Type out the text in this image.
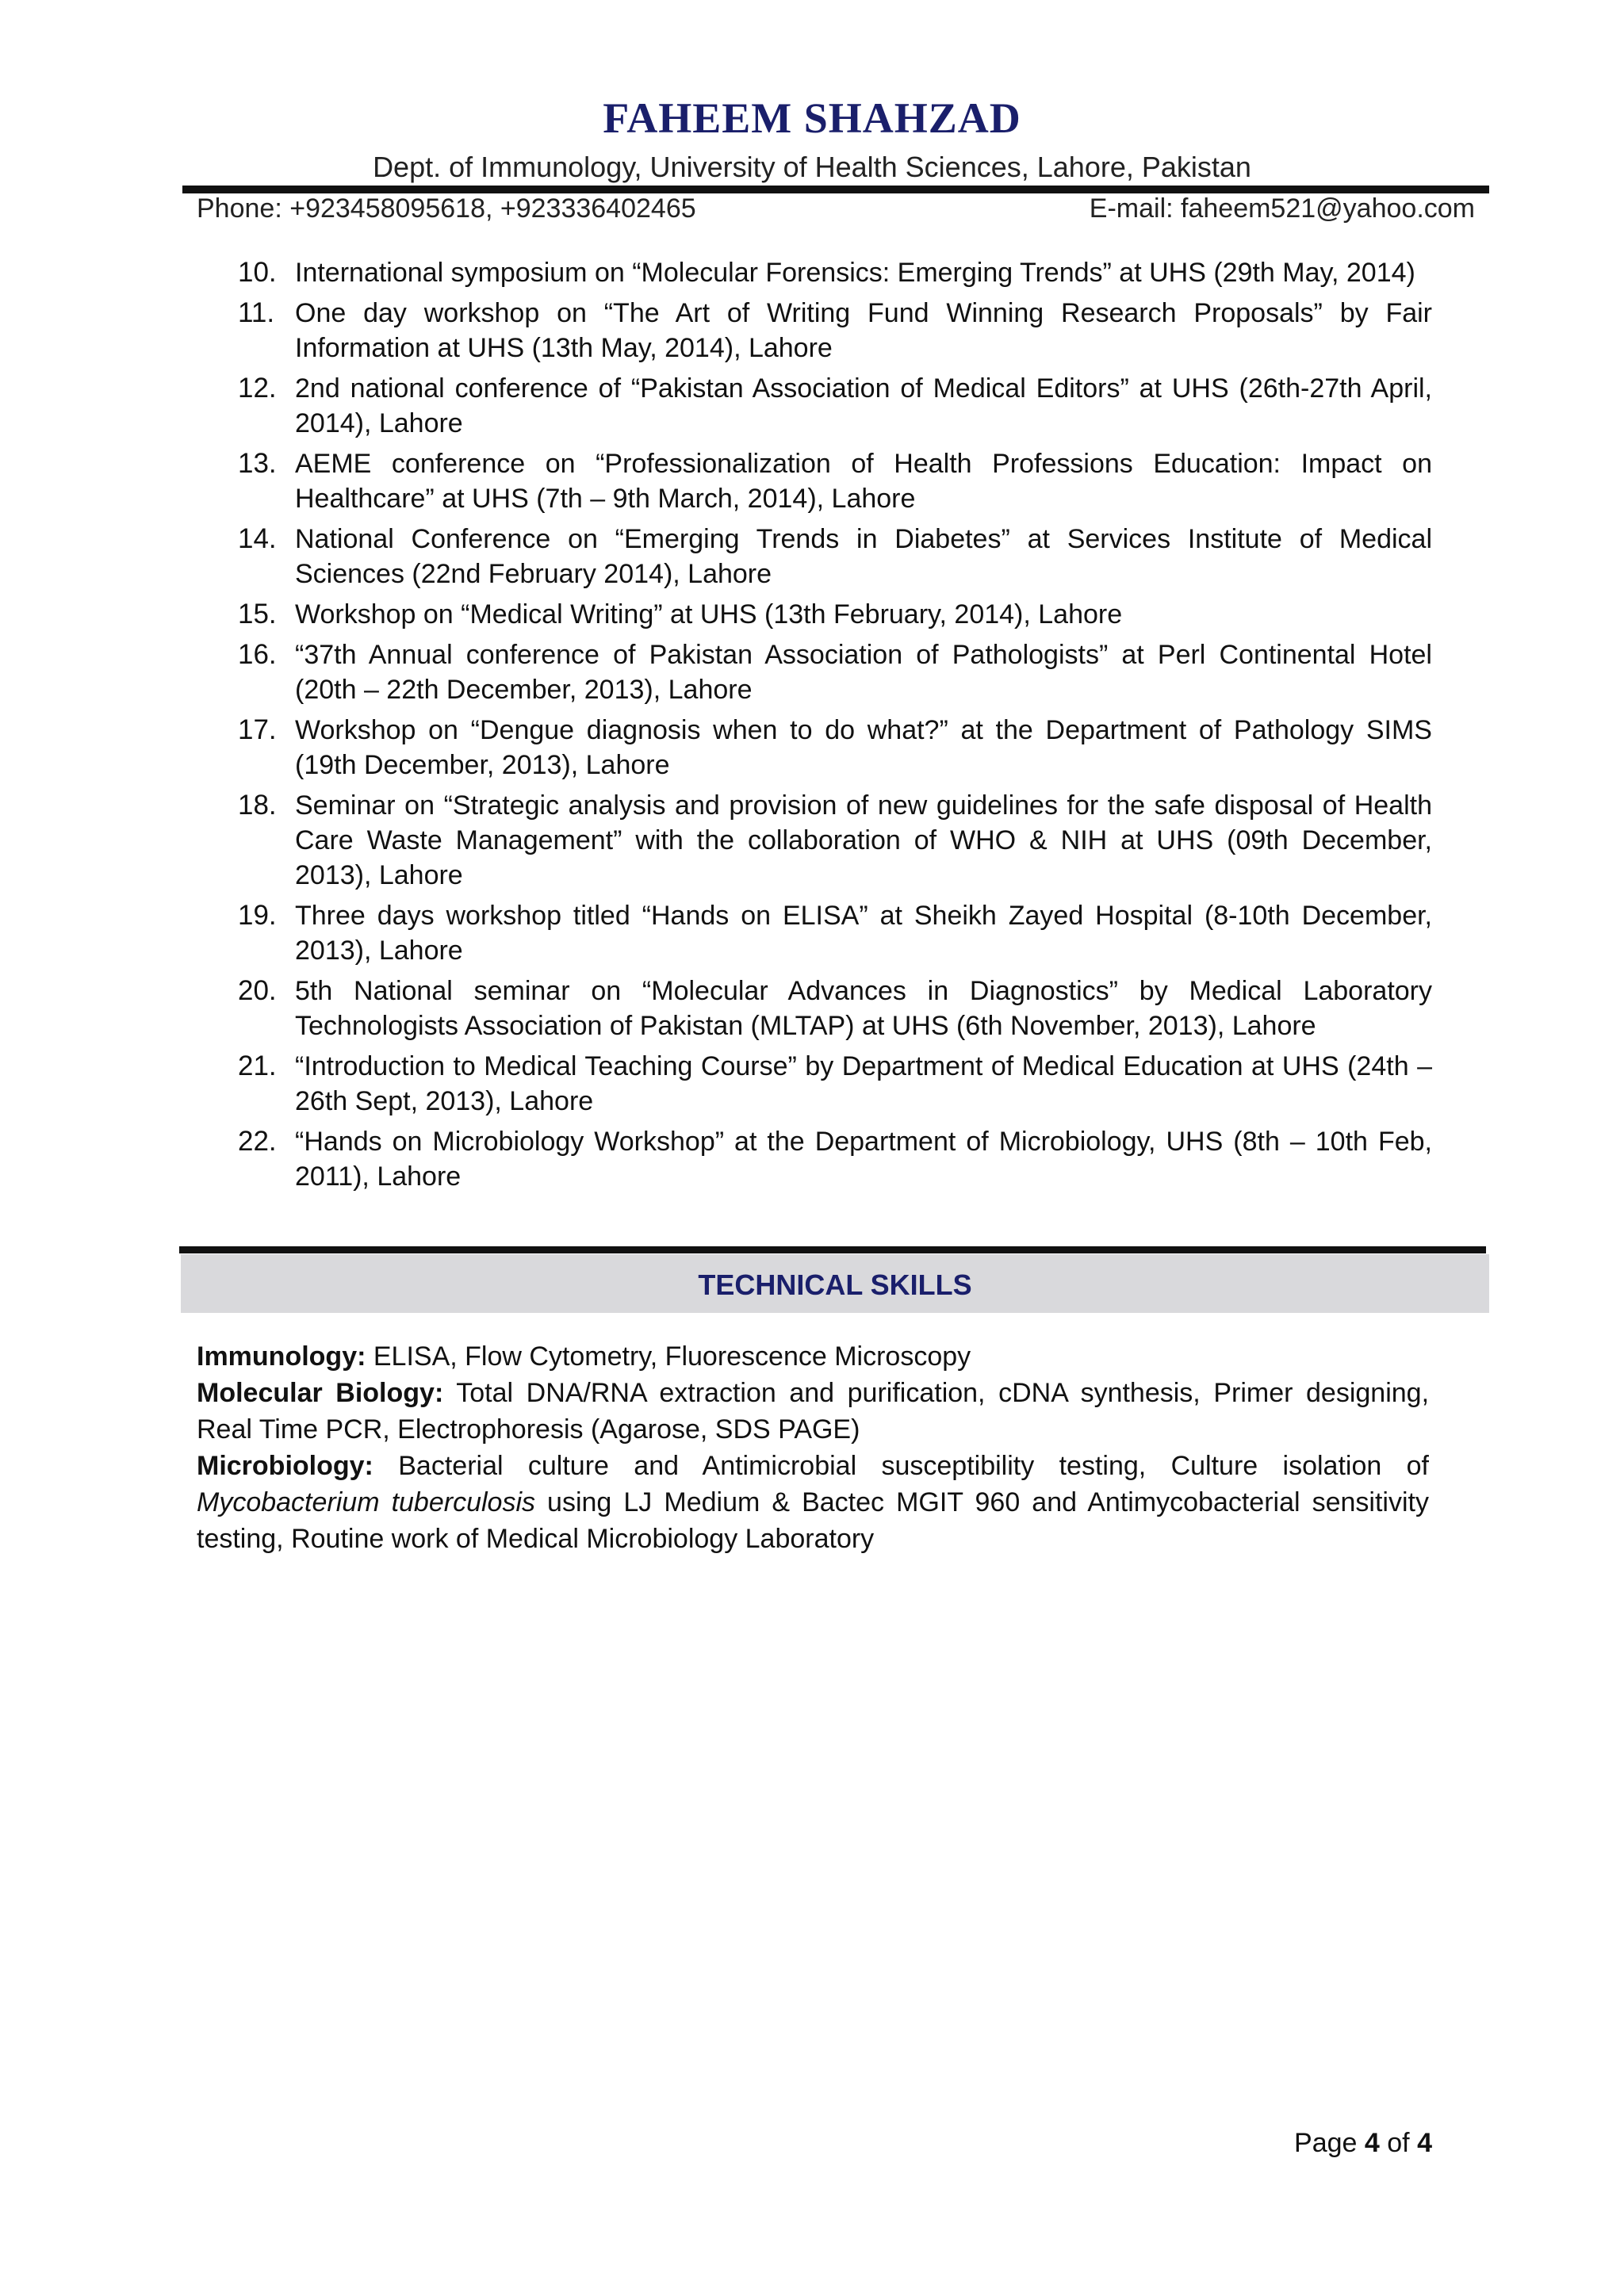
FAHEEM SHAHZAD
Dept. of Immunology, University of Health Sciences, Lahore, Pakistan
Phone: +923458095618, +923336402465	E-mail: faheem521@yahoo.com
10. International symposium on “Molecular Forensics: Emerging Trends” at UHS (29th May, 2014)
11. One day workshop on “The Art of Writing Fund Winning Research Proposals” by Fair Information at UHS (13th May, 2014), Lahore
12. 2nd national conference of “Pakistan Association of Medical Editors” at UHS (26th-27th April, 2014), Lahore
13. AEME conference on “Professionalization of Health Professions Education: Impact on Healthcare” at UHS (7th – 9th March, 2014), Lahore
14. National Conference on “Emerging Trends in Diabetes” at Services Institute of Medical Sciences (22nd February 2014), Lahore
15. Workshop on “Medical Writing” at UHS (13th February, 2014), Lahore
16. “37th Annual conference of Pakistan Association of Pathologists” at Perl Continental Hotel (20th – 22th December, 2013), Lahore
17. Workshop on “Dengue diagnosis when to do what?” at the Department of Pathology SIMS (19th December, 2013), Lahore
18. Seminar on “Strategic analysis and provision of new guidelines for the safe disposal of Health Care Waste Management” with the collaboration of WHO & NIH at UHS (09th December, 2013), Lahore
19. Three days workshop titled “Hands on ELISA” at Sheikh Zayed Hospital (8-10th December, 2013), Lahore
20. 5th National seminar on “Molecular Advances in Diagnostics” by Medical Laboratory Technologists Association of Pakistan (MLTAP) at UHS (6th November, 2013), Lahore
21. “Introduction to Medical Teaching Course” by Department of Medical Education at UHS (24th – 26th Sept, 2013), Lahore
22. “Hands on Microbiology Workshop” at the Department of Microbiology, UHS (8th – 10th Feb, 2011), Lahore
TECHNICAL SKILLS

Immunology: ELISA, Flow Cytometry, Fluorescence Microscopy

Molecular Biology: Total DNA/RNA extraction and purification, cDNA synthesis, Primer designing, Real Time PCR, Electrophoresis (Agarose, SDS PAGE)

Microbiology: Bacterial culture and Antimicrobial susceptibility testing, Culture isolation of Mycobacterium tuberculosis using LJ Medium & Bactec MGIT 960 and Antimycobacterial sensitivity testing, Routine work of Medical Microbiology Laboratory

Page 4 of 4
